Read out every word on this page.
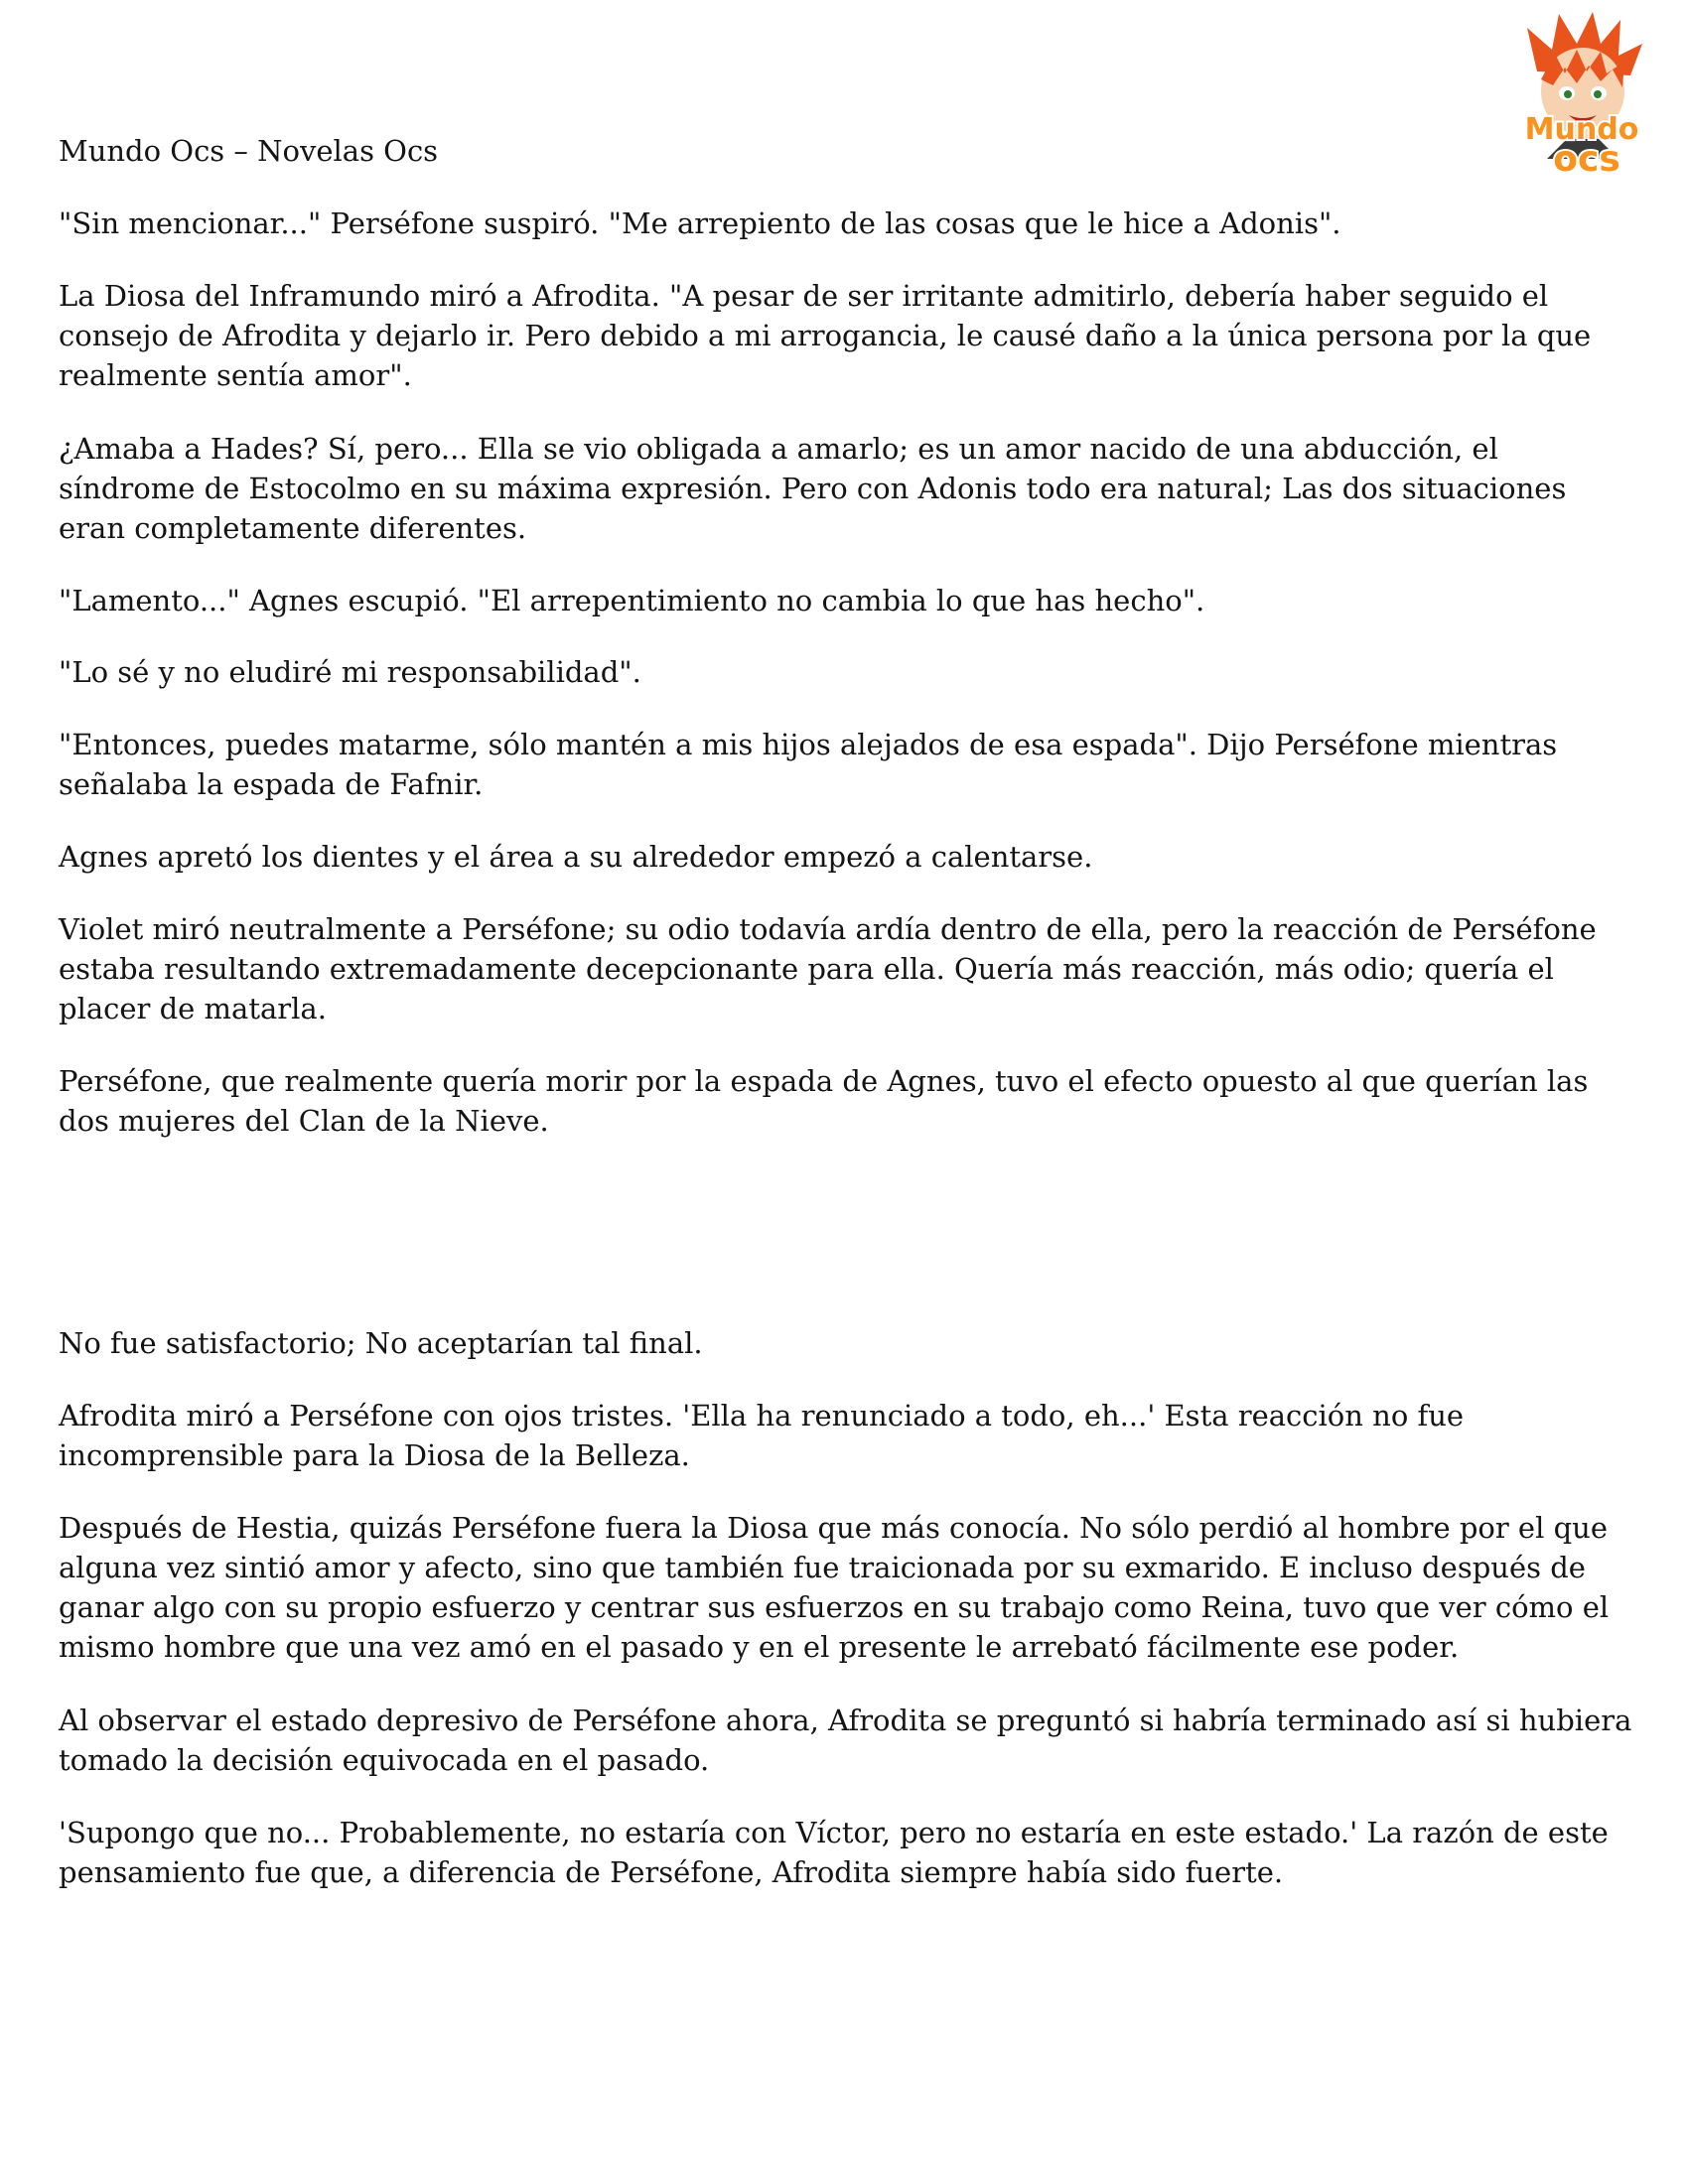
Mundo
ocs
Mundo Ocs – Novelas Ocs

"Sin mencionar..." Perséfone suspiró. "Me arrepiento de las cosas que le hice a Adonis".

La Diosa del Inframundo miró a Afrodita. "A pesar de ser irritante admitirlo, debería haber seguido el consejo de Afrodita y dejarlo ir. Pero debido a mi arrogancia, le causé daño a la única persona por la que realmente sentía amor".

¿Amaba a Hades? Sí, pero... Ella se vio obligada a amarlo; es un amor nacido de una abducción, el síndrome de Estocolmo en su máxima expresión. Pero con Adonis todo era natural; Las dos situaciones eran completamente diferentes.

"Lamento..." Agnes escupió. "El arrepentimiento no cambia lo que has hecho".

"Lo sé y no eludiré mi responsabilidad".

"Entonces, puedes matarme, sólo mantén a mis hijos alejados de esa espada". Dijo Perséfone mientras señalaba la espada de Fafnir.

Agnes apretó los dientes y el área a su alrededor empezó a calentarse.

Violet miró neutralmente a Perséfone; su odio todavía ardía dentro de ella, pero la reacción de Perséfone estaba resultando extremadamente decepcionante para ella. Quería más reacción, más odio; quería el placer de matarla.

Perséfone, que realmente quería morir por la espada de Agnes, tuvo el efecto opuesto al que querían las dos mujeres del Clan de la Nieve.

No fue satisfactorio; No aceptarían tal final.

Afrodita miró a Perséfone con ojos tristes. 'Ella ha renunciado a todo, eh...' Esta reacción no fue incomprensible para la Diosa de la Belleza.

Después de Hestia, quizás Perséfone fuera la Diosa que más conocía. No sólo perdió al hombre por el que alguna vez sintió amor y afecto, sino que también fue traicionada por su exmarido. E incluso después de ganar algo con su propio esfuerzo y centrar sus esfuerzos en su trabajo como Reina, tuvo que ver cómo el mismo hombre que una vez amó en el pasado y en el presente le arrebató fácilmente ese poder.

Al observar el estado depresivo de Perséfone ahora, Afrodita se preguntó si habría terminado así si hubiera tomado la decisión equivocada en el pasado.

'Supongo que no... Probablemente, no estaría con Víctor, pero no estaría en este estado.' La razón de este pensamiento fue que, a diferencia de Perséfone, Afrodita siempre había sido fuerte.
